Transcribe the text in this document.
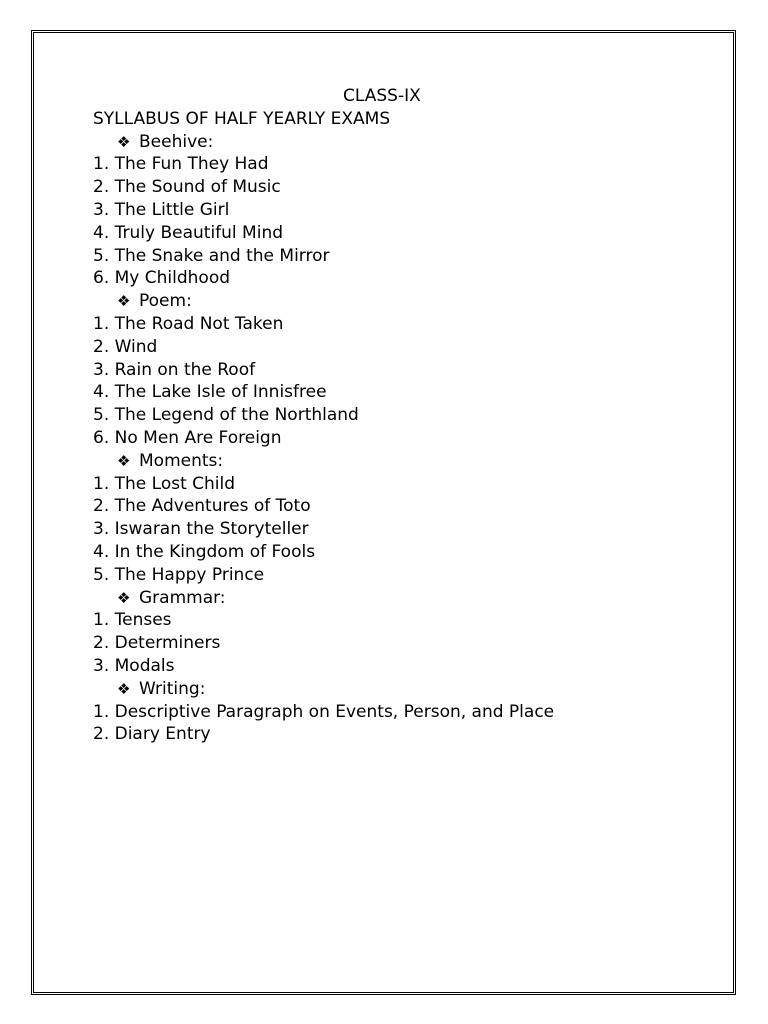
CLASS-IX
SYLLABUS OF HALF YEARLY EXAMS
❖ Beehive:
1. The Fun They Had
2. The Sound of Music
3. The Little Girl
4. Truly Beautiful Mind
5. The Snake and the Mirror
6. My Childhood
❖ Poem:
1. The Road Not Taken
2. Wind
3. Rain on the Roof
4. The Lake Isle of Innisfree
5. The Legend of the Northland
6. No Men Are Foreign
❖ Moments:
1. The Lost Child
2. The Adventures of Toto
3. Iswaran the Storyteller
4. In the Kingdom of Fools
5. The Happy Prince
❖ Grammar:
1. Tenses
2. Determiners
3. Modals
❖ Writing:
1. Descriptive Paragraph on Events, Person, and Place
2. Diary Entry
